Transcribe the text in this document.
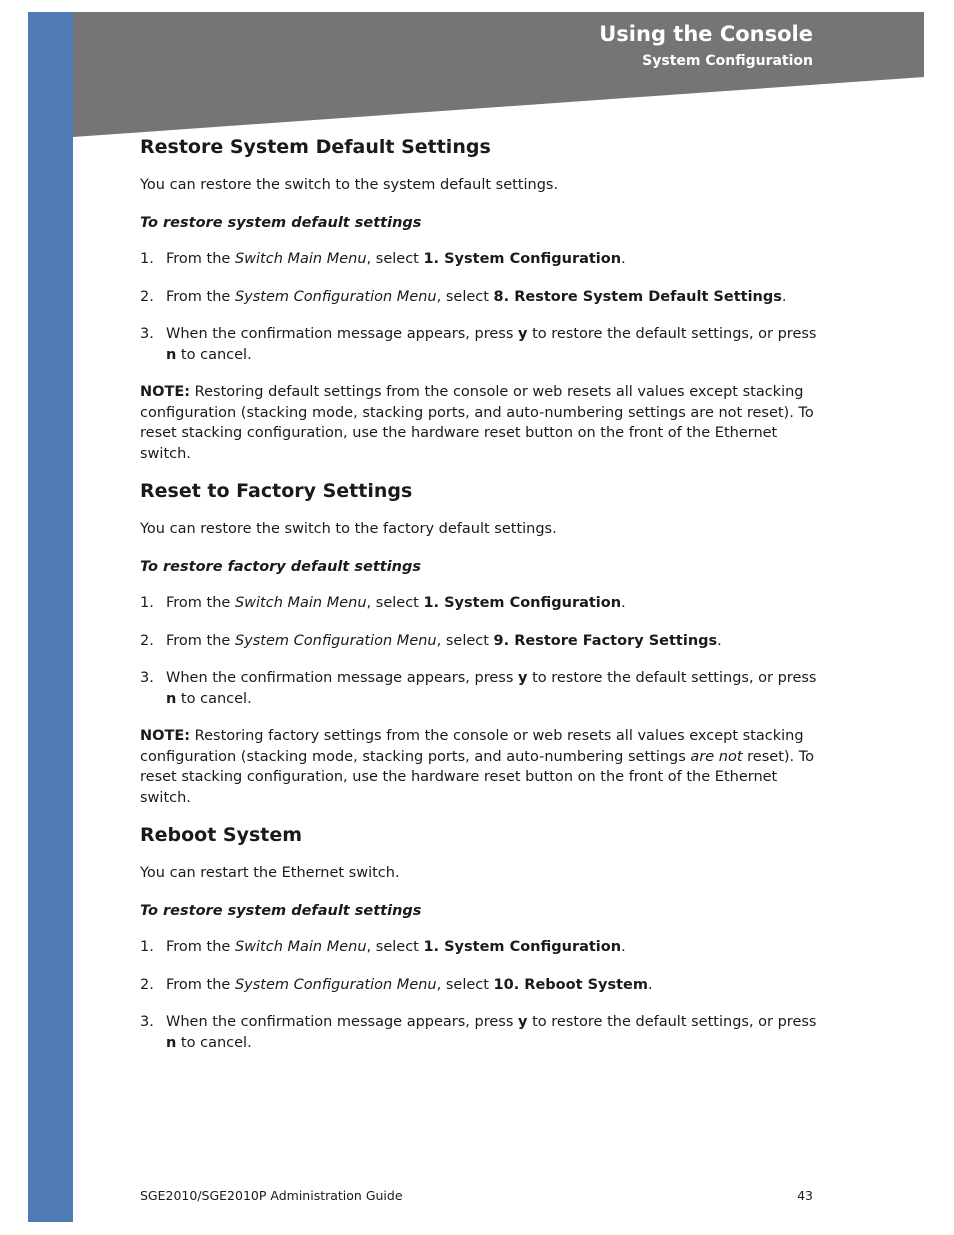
Using the Console
System Configuration
Restore System Default Settings

You can restore the switch to the system default settings.

To restore system default settings
1. From the Switch Main Menu, select 1. System Configuration.
2. From the System Configuration Menu, select 8. Restore System Default Settings.
3. When the confirmation message appears, press y to restore the default settings, or press n to cancel.

NOTE: Restoring default settings from the console or web resets all values except stacking configuration (stacking mode, stacking ports, and auto-numbering settings are not reset). To reset stacking configuration, use the hardware reset button on the front of the Ethernet switch.

Reset to Factory Settings

You can restore the switch to the factory default settings.

To restore factory default settings
1. From the Switch Main Menu, select 1. System Configuration.
2. From the System Configuration Menu, select 9. Restore Factory Settings.
3. When the confirmation message appears, press y to restore the default settings, or press n to cancel.

NOTE: Restoring factory settings from the console or web resets all values except stacking configuration (stacking mode, stacking ports, and auto-numbering settings are not reset). To reset stacking configuration, use the hardware reset button on the front of the Ethernet switch.

Reboot System

You can restart the Ethernet switch.

To restore system default settings
1. From the Switch Main Menu, select 1. System Configuration.
2. From the System Configuration Menu, select 10. Reboot System.
3. When the confirmation message appears, press y to restore the default settings, or press n to cancel.
SGE2010/SGE2010P Administration Guide	43
